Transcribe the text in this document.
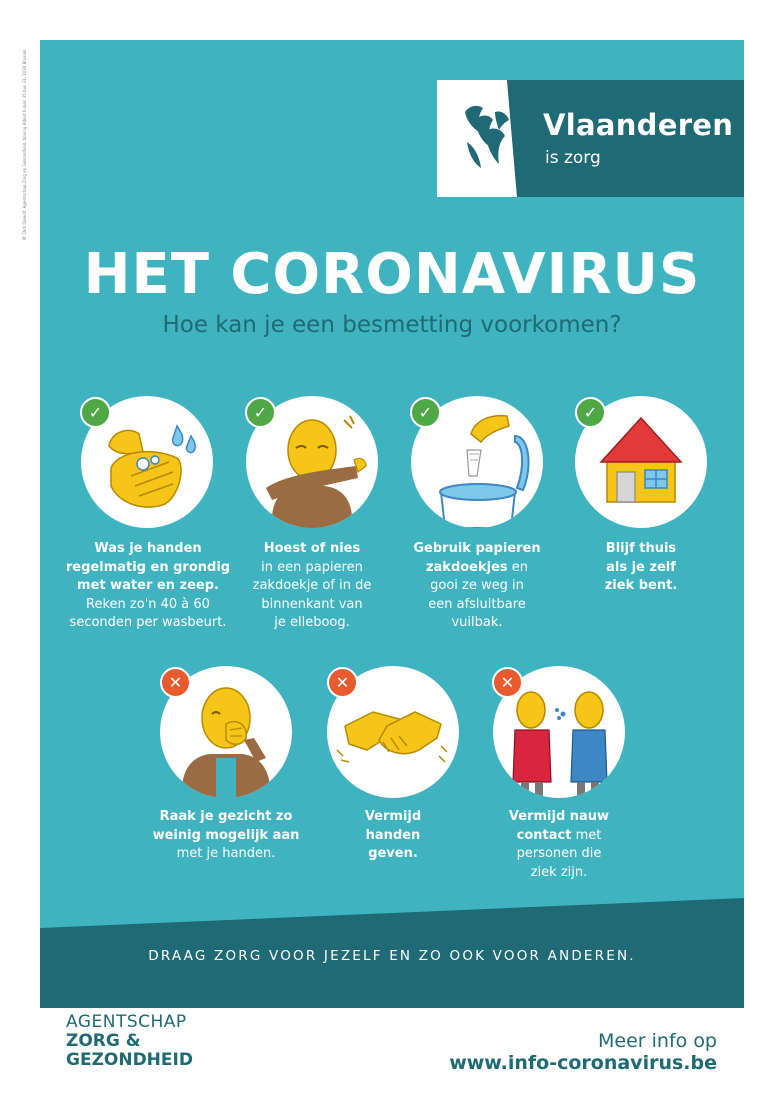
M. Dirk Dewolf, Agentschap Zorg en Gezondheid, Koning Albert II-laan 35 bus 33, 1030 Brussel	Vlaanderen
is zorg
HET CORONAVIRUS
Hoe kan je een besmetting voorkomen?
✓
Was je handen
regelmatig en grondig
met water en zeep.
Reken zo'n 40 à 60
seconden per wasbeurt.
✓
Hoest of nies
in een papieren
zakdoekje of in de
binnenkant van
je elleboog.
✓
Gebruik papieren
zakdoekjes en
gooi ze weg in
een afsluitbare
vuilbak.
✓
Blijf thuis
als je zelf
ziek bent.
✕
Raak je gezicht zo
weinig mogelijk aan
met je handen.
✕
Vermijd
handen
geven.
✕
Vermijd nauw
contact met
personen die
ziek zijn.
DRAAG ZORG VOOR JEZELF EN ZO OOK VOOR ANDEREN.
AGENTSCHAP
ZORG &
GEZONDHEID
Meer info op
www.info-coronavirus.be
